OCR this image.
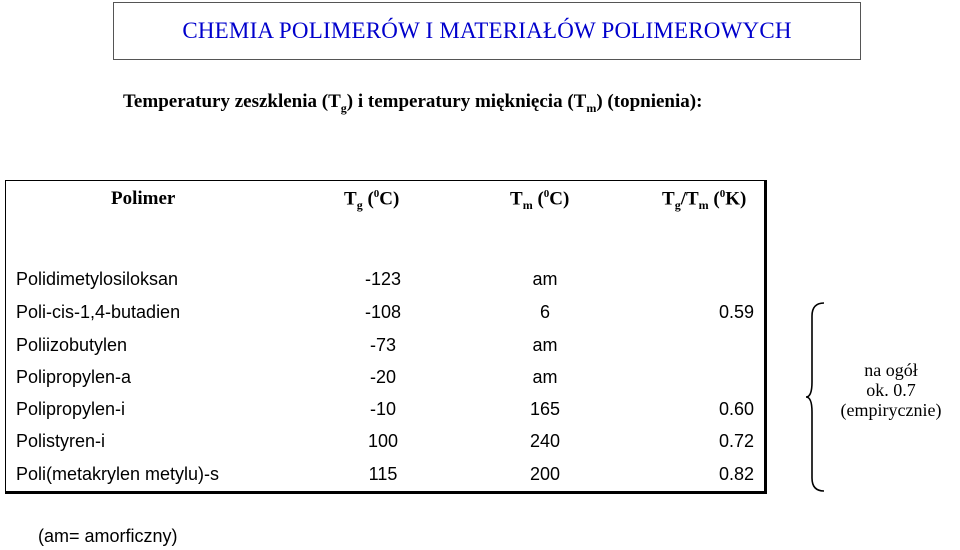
CHEMIA POLIMERÓW I MATERIAŁÓW POLIMEROWYCH
Temperatury zeszklenia $(T_g)$ i temperatury mięknięcia $(T_m)$ (topnienia):
Polimer	$T_g$ ($^0$C)	$T_m$ ($^0$C)	$T_g/T_m$ ($^0$K)
Polidimetylosiloksan	-123	am
Poli-cis-1,4-butadien	-108	6	0.59
Poliizobutylen	-73	am
Polipropylen-a	-20	am
Polipropylen-i	-10	165	0.60
Polistyren-i	100	240	0.72
Poli(metakrylen metylu)-s	115	200	0.82
na ogół
ok. 0.7
(empirycznie)
(am= amorficzny)
